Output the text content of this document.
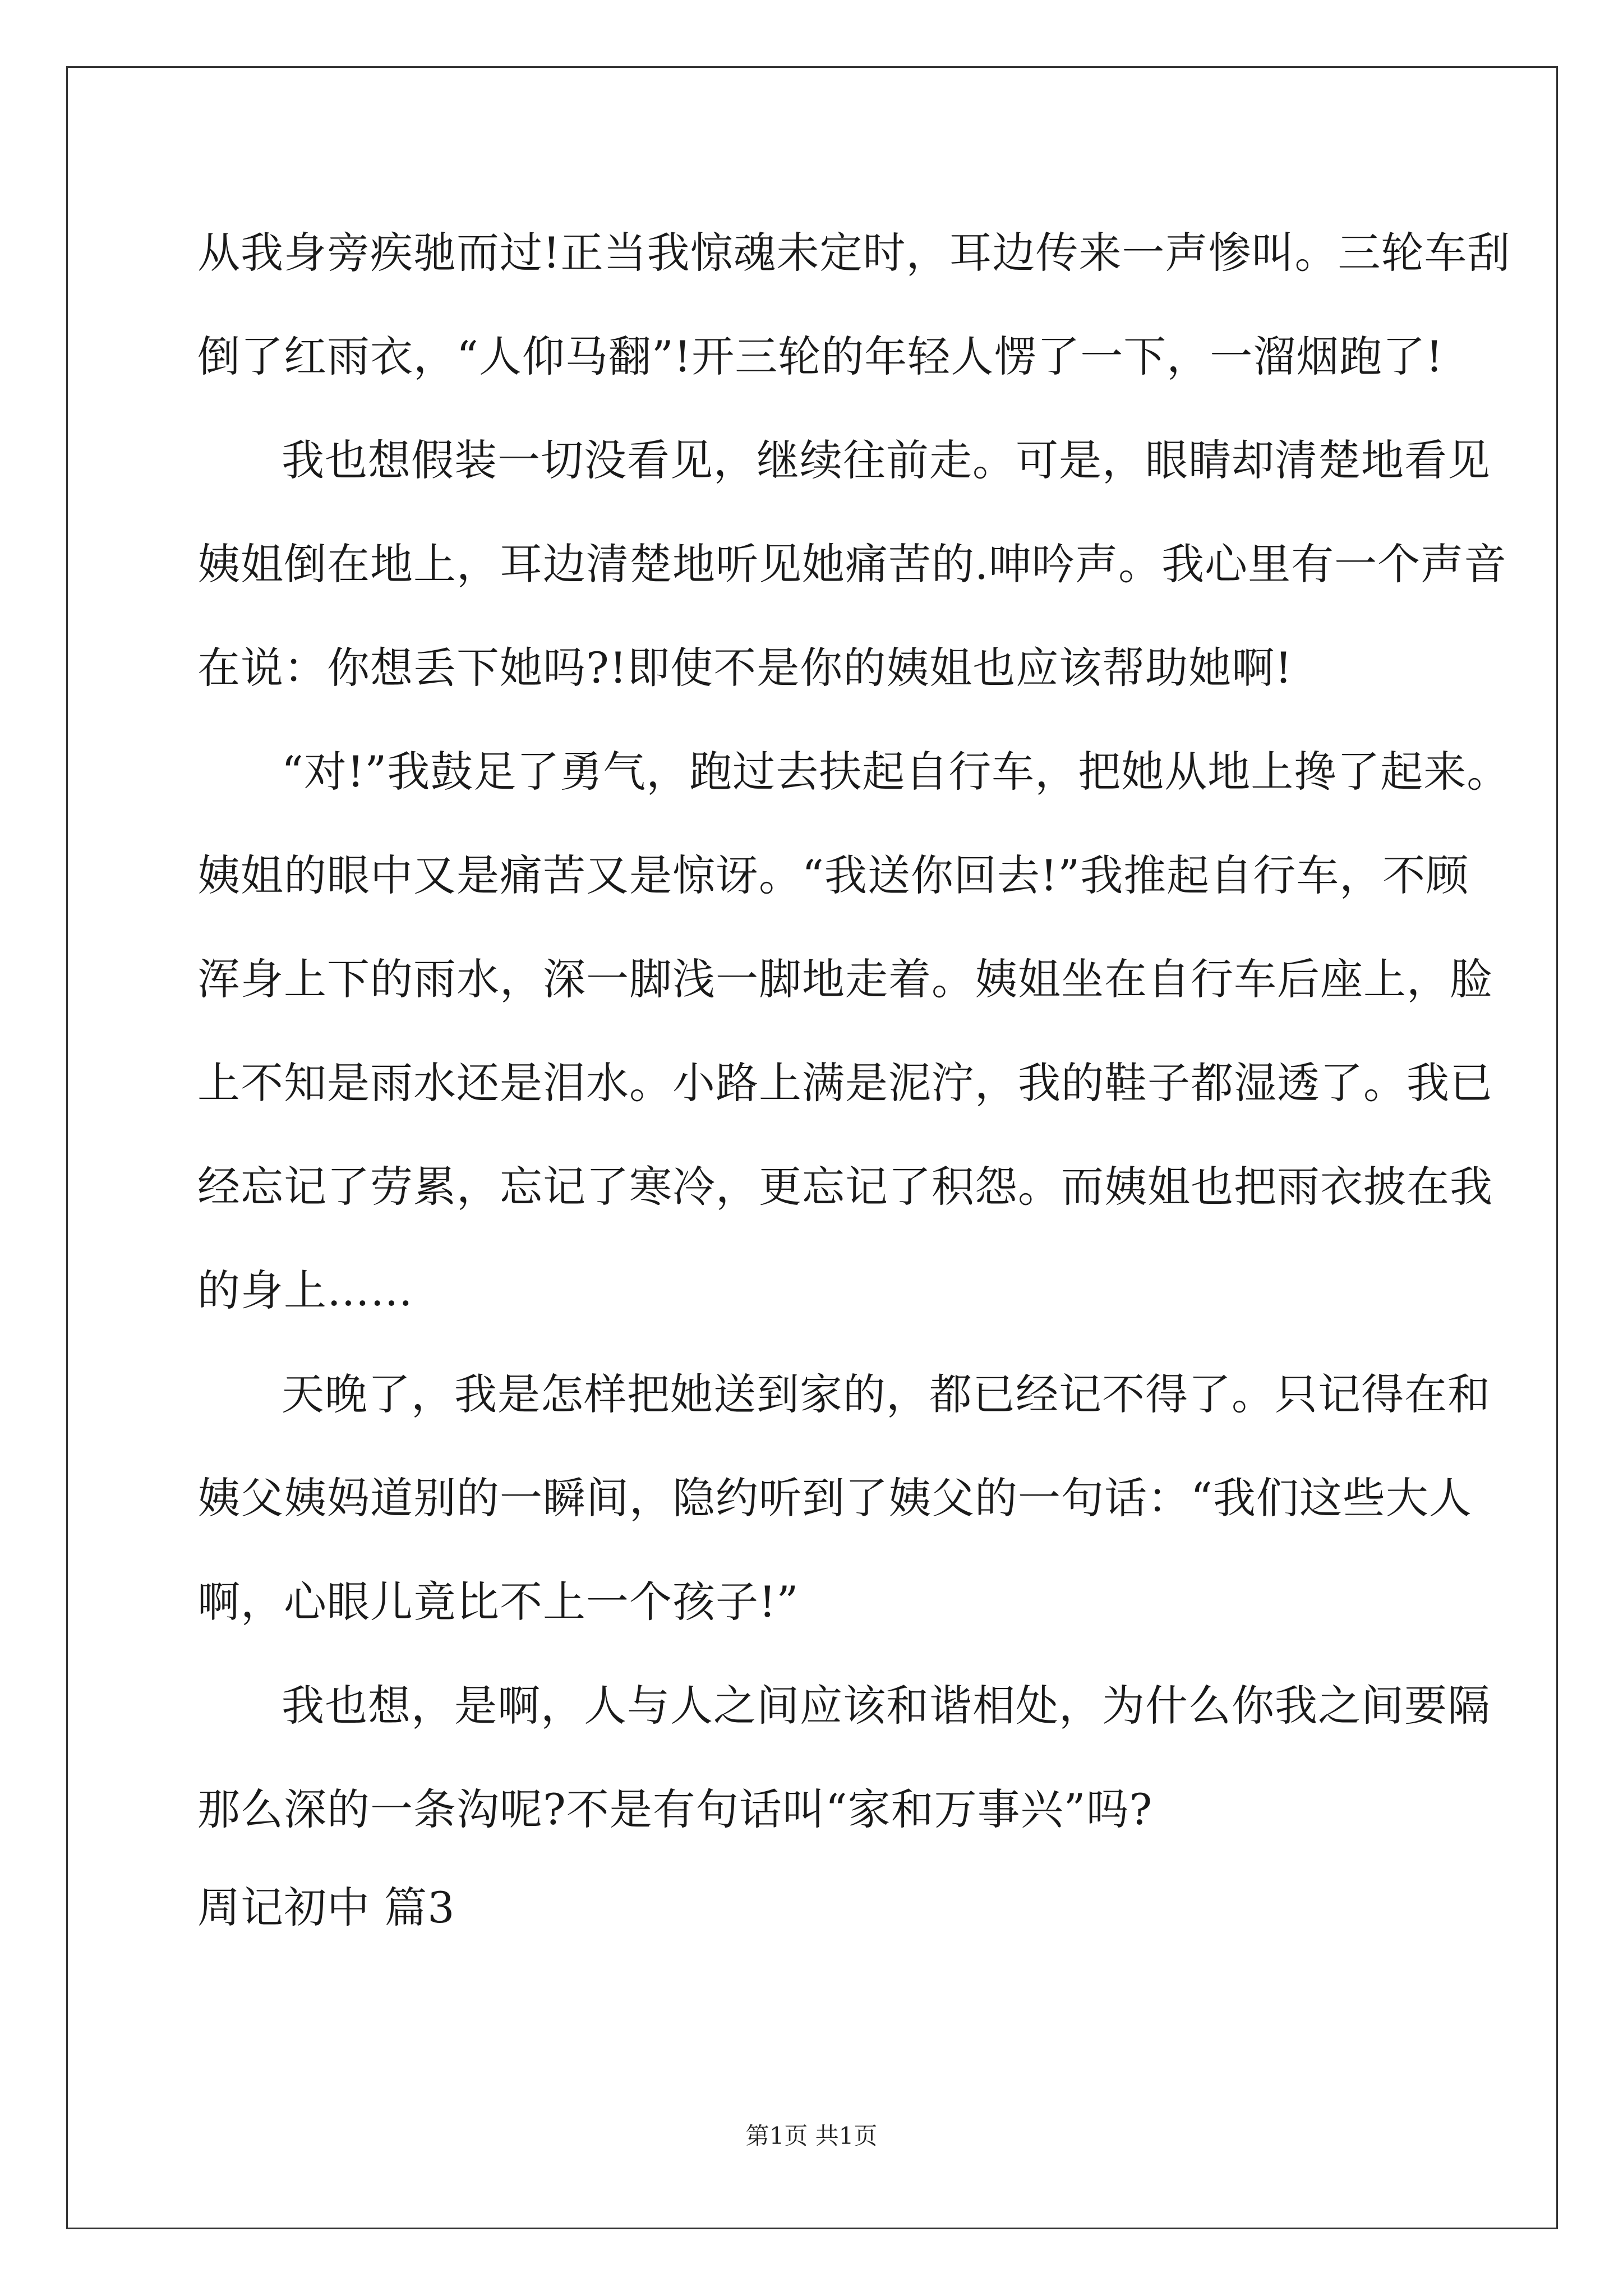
从我身旁疾驰而过!正当我惊魂未定时，耳边传来一声惨叫。三轮车刮
倒了红雨衣，“人仰马翻”!开三轮的年轻人愣了一下，一溜烟跑了!
我也想假装一切没看见，继续往前走。可是，眼睛却清楚地看见
姨姐倒在地上，耳边清楚地听见她痛苦的.呻吟声。我心里有一个声音
在说：你想丢下她吗?!即使不是你的姨姐也应该帮助她啊!
“对!”我鼓足了勇气，跑过去扶起自行车，把她从地上搀了起来。
姨姐的眼中又是痛苦又是惊讶。“我送你回去!”我推起自行车，不顾
浑身上下的雨水，深一脚浅一脚地走着。姨姐坐在自行车后座上，脸
上不知是雨水还是泪水。小路上满是泥泞，我的鞋子都湿透了。我已
经忘记了劳累，忘记了寒冷，更忘记了积怨。而姨姐也把雨衣披在我
的身上……
天晚了，我是怎样把她送到家的，都已经记不得了。只记得在和
姨父姨妈道别的一瞬间，隐约听到了姨父的一句话：“我们这些大人
啊，心眼儿竟比不上一个孩子!”
我也想，是啊，人与人之间应该和谐相处，为什么你我之间要隔
那么深的一条沟呢?不是有句话叫“家和万事兴”吗?
周记初中 篇3
第1页 共1页
